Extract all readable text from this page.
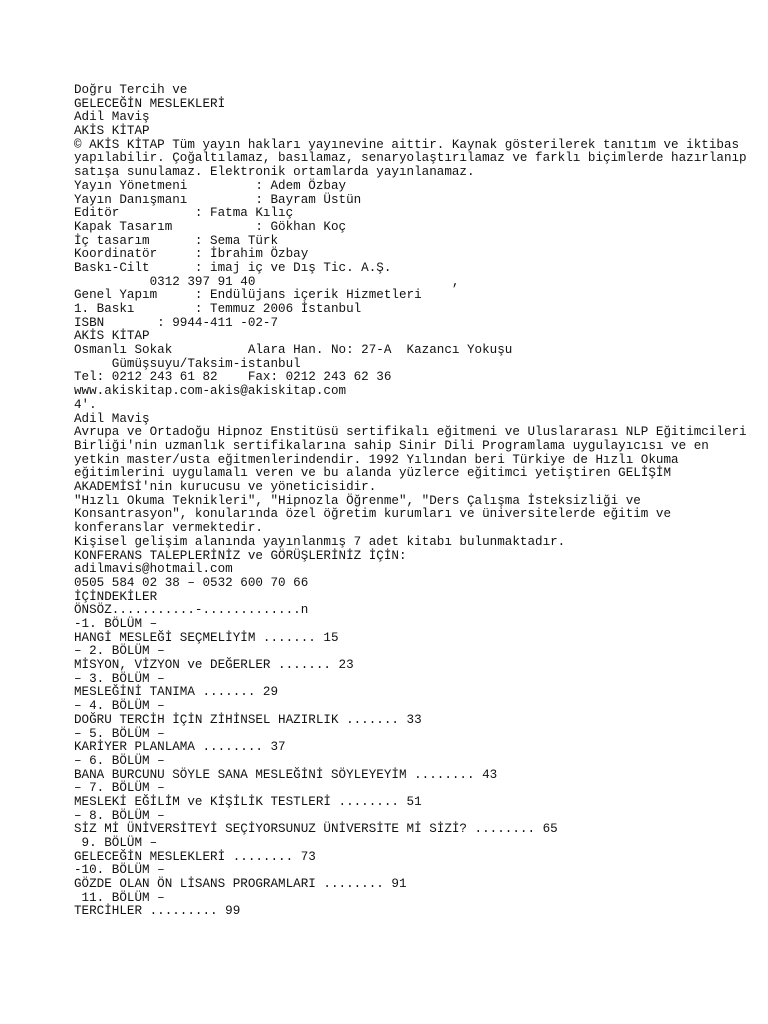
Doğru Tercih ve
GELECEĞİN MESLEKLERİ
Adil Maviş
AKİS KİTAP
© AKİS KİTAP Tüm yayın hakları yayınevine aittir. Kaynak gösterilerek tanıtım ve iktibas yapılabilir. Çoğaltılamaz, basılamaz, senaryolaştırılamaz ve farklı biçimlerde hazırlanıp satışa sunulamaz. Elektronik ortamlarda yayınlanamaz.
Yayın Yönetmeni         : Adem Özbay
Yayın Danışmanı         : Bayram Üstün
Editör          : Fatma Kılıç
Kapak Tasarım           : Gökhan Koç
İç tasarım      : Sema Türk
Koordinatör     : İbrahim Özbay
Baskı-Cilt      : imaj iç ve Dış Tic. A.Ş.
0312 397 91 40                          ,
Genel Yapım     : Endülüjans içerik Hizmetleri
1. Baskı        : Temmuz 2006 İstanbul
ISBN       : 9944-411 -02-7
AKİS KİTAP
Osmanlı Sokak          Alara Han. No: 27-A  Kazancı Yokuşu
Gümüşsuyu/Taksim-istanbul
Tel: 0212 243 61 82    Fax: 0212 243 62 36
www.akiskitap.com-akis@akiskitap.com
4'.
Adil Maviş
Avrupa ve Ortadoğu Hipnoz Enstitüsü sertifikalı eğitmeni ve Uluslararası NLP Eğitimcileri Birliği'nin uzmanlık sertifikalarına sahip Sinir Dili Programlama uygulayıcısı ve en yetkin master/usta eğitmenlerindendir. 1992 Yılından beri Türkiye de Hızlı Okuma eğitimlerini uygulamalı veren ve bu alanda yüzlerce eğitimci yetiştiren GELİŞİM AKADEMİSİ'nin kurucusu ve yöneticisidir.
"Hızlı Okuma Teknikleri", "Hipnozla Öğrenme", "Ders Çalışma İsteksizliği ve Konsantrasyon", konularında özel öğretim kurumları ve üniversitelerde eğitim ve konferanslar vermektedir.
Kişisel gelişim alanında yayınlanmış 7 adet kitabı bulunmaktadır.
KONFERANS TALEPLERİNİZ ve GÖRÜŞLERİNİZ İÇİN:
adilmavis@hotmail.com
0505 584 02 38 – 0532 600 70 66
İÇİNDEKİLER
ÖNSÖZ...........-.............n
-1. BÖLÜM –
HANGİ MESLEĞİ SEÇMELİYİM ....... 15
– 2. BÖLÜM –
MİSYON, VİZYON ve DEĞERLER ....... 23
– 3. BÖLÜM –
MESLEĞİNİ TANIMA ....... 29
– 4. BÖLÜM –
DOĞRU TERCİH İÇİN ZİHİNSEL HAZIRLIK ....... 33
– 5. BÖLÜM –
KARİYER PLANLAMA ........ 37
– 6. BÖLÜM –
BANA BURCUNU SÖYLE SANA MESLEĞİNİ SÖYLEYEYİM ........ 43
– 7. BÖLÜM –
MESLEKİ EĞİLİM ve KİŞİLİK TESTLERİ ........ 51
– 8. BÖLÜM –
SİZ Mİ ÜNİVERSİTEYİ SEÇİYORSUNUZ ÜNİVERSİTE Mİ SİZİ? ........ 65
9. BÖLÜM –
GELECEĞİN MESLEKLERİ ........ 73
-10. BÖLÜM –
GÖZDE OLAN ÖN LİSANS PROGRAMLARI ........ 91
11. BÖLÜM –
TERCİHLER ......... 99
